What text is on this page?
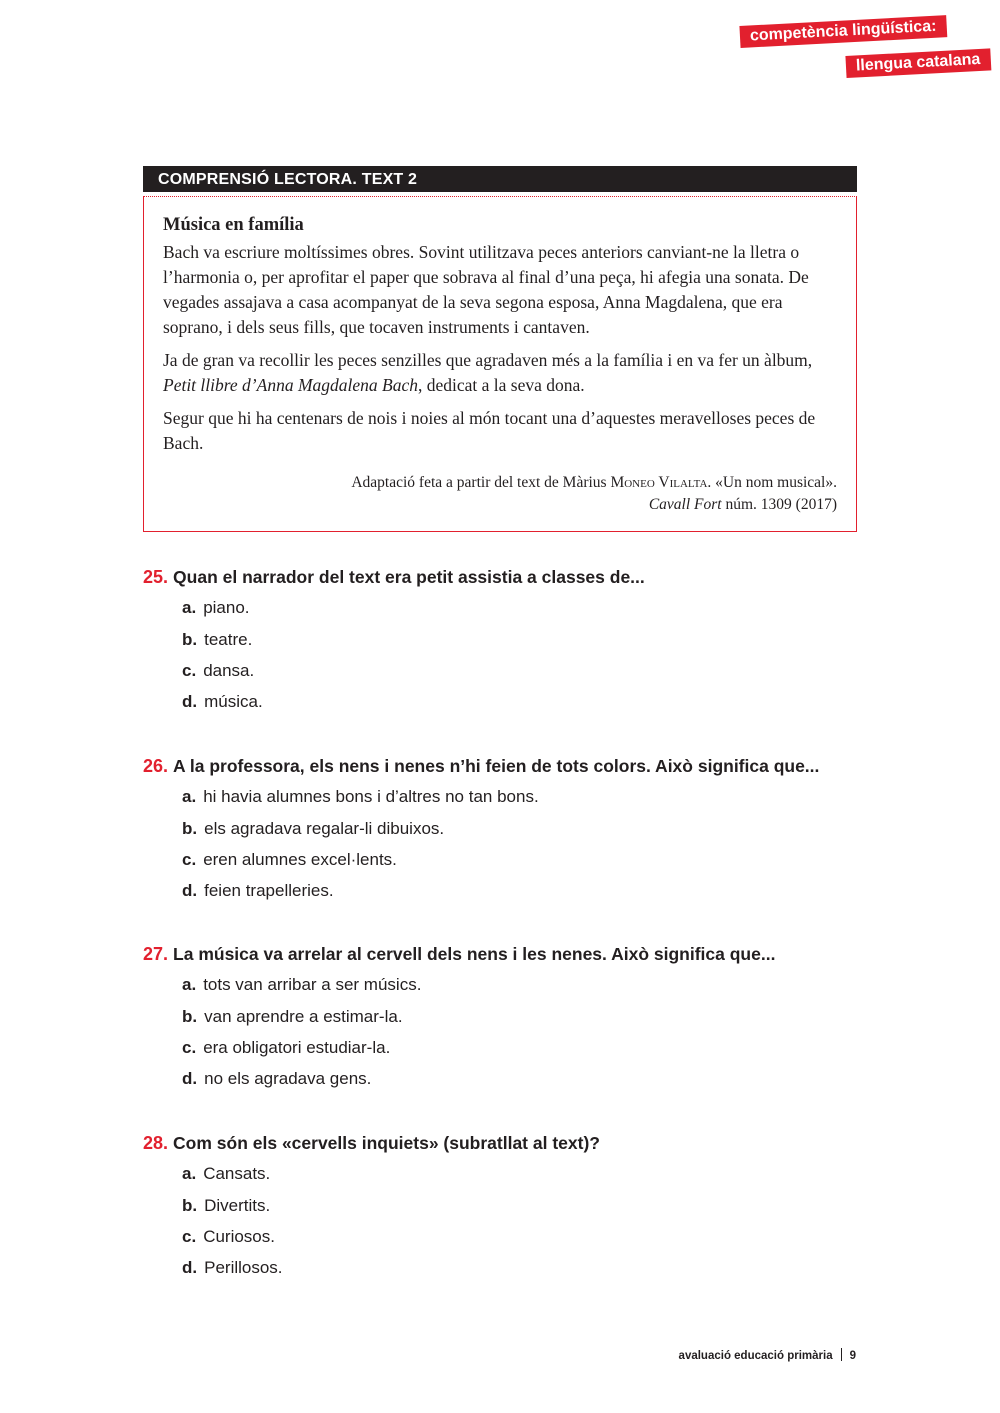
competència lingüística:
llengua catalana
COMPRENSIÓ LECTORA. TEXT 2
Música en família

Bach va escriure moltíssimes obres. Sovint utilitzava peces anteriors canviant-ne la lletra o l’harmonia o, per aprofitar el paper que sobrava al final d’una peça, hi afegia una sonata. De vegades assajava a casa acompanyat de la seva segona esposa, Anna Magdalena, que era soprano, i dels seus fills, que tocaven instruments i cantaven.

Ja de gran va recollir les peces senzilles que agradaven més a la família i en va fer un àlbum, Petit llibre d’Anna Magdalena Bach, dedicat a la seva dona.

Segur que hi ha centenars de nois i noies al món tocant una d’aquestes meravelloses peces de Bach.

Adaptació feta a partir del text de Màrius Moneo Vilalta. «Un nom musical».
Cavall Fort núm. 1309 (2017)
25. Quan el narrador del text era petit assistia a classes de...
a. piano.
b. teatre.
c. dansa.
d. música.
26. A la professora, els nens i nenes n’hi feien de tots colors. Això significa que...
a. hi havia alumnes bons i d’altres no tan bons.
b. els agradava regalar-li dibuixos.
c. eren alumnes excel·lents.
d. feien trapelleries.
27. La música va arrelar al cervell dels nens i les nenes. Això significa que...
a. tots van arribar a ser músics.
b. van aprendre a estimar-la.
c. era obligatori estudiar-la.
d. no els agradava gens.
28. Com són els «cervells inquiets» (subratllat al text)?
a. Cansats.
b. Divertits.
c. Curiosos.
d. Perillosos.
avaluació educació primària 9
